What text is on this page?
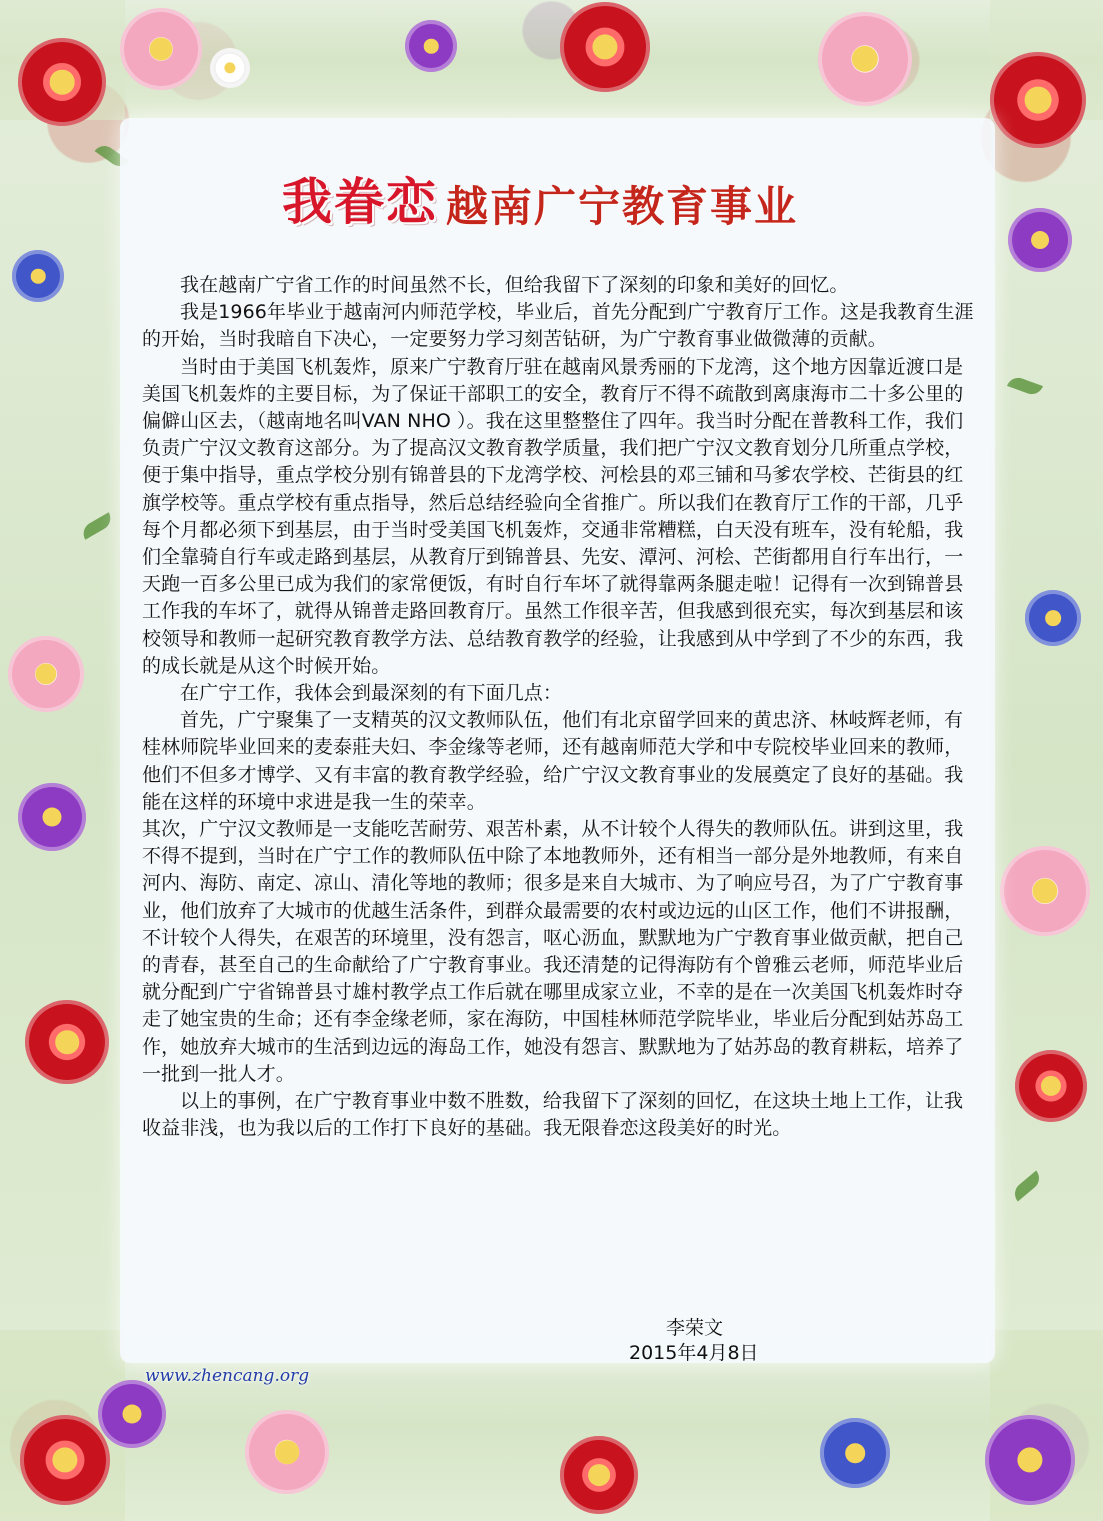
我眷恋 越南广宁教育事业

我在越南广宁省工作的时间虽然不长，但给我留下了深刻的印象和美好的回忆。

我是1966年毕业于越南河内师范学校，毕业后，首先分配到广宁教育厅工作。这是我教育生涯的开始，当时我暗自下决心，一定要努力学习刻苦钻研，为广宁教育事业做微薄的贡献。

当时由于美国飞机轰炸，原来广宁教育厅驻在越南风景秀丽的下龙湾，这个地方因靠近渡口是美国飞机轰炸的主要目标，为了保证干部职工的安全，教育厅不得不疏散到离康海市二十多公里的偏僻山区去，（越南地名叫VAN NHO ）。我在这里整整住了四年。我当时分配在普教科工作，我们负责广宁汉文教育这部分。为了提高汉文教育教学质量，我们把广宁汉文教育划分几所重点学校，便于集中指导，重点学校分别有锦普县的下龙湾学校、河桧县的邓三铺和马爹农学校、芒街县的红旗学校等。重点学校有重点指导，然后总结经验向全省推广。所以我们在教育厅工作的干部，几乎每个月都必须下到基层，由于当时受美国飞机轰炸，交通非常糟糕，白天没有班车，没有轮船，我们全靠骑自行车或走路到基层，从教育厅到锦普县、先安、潭河、河桧、芒街都用自行车出行，一天跑一百多公里已成为我们的家常便饭，有时自行车坏了就得靠两条腿走啦！记得有一次到锦普县工作我的车坏了，就得从锦普走路回教育厅。虽然工作很辛苦，但我感到很充实，每次到基层和该校领导和教师一起研究教育教学方法、总结教育教学的经验，让我感到从中学到了不少的东西，我的成长就是从这个时候开始。

在广宁工作，我体会到最深刻的有下面几点：

首先，广宁聚集了一支精英的汉文教师队伍，他们有北京留学回来的黄忠济、林岐辉老师，有桂林师院毕业回来的麦泰莊夫妇、李金缘等老师，还有越南师范大学和中专院校毕业回来的教师，他们不但多才博学、又有丰富的教育教学经验，给广宁汉文教育事业的发展奠定了良好的基础。我能在这样的环境中求进是我一生的荣幸。

其次，广宁汉文教师是一支能吃苦耐劳、艰苦朴素，从不计较个人得失的教师队伍。讲到这里，我不得不提到，当时在广宁工作的教师队伍中除了本地教师外，还有相当一部分是外地教师，有来自河内、海防、南定、凉山、清化等地的教师；很多是来自大城市、为了响应号召，为了广宁教育事业，他们放弃了大城市的优越生活条件，到群众最需要的农村或边远的山区工作，他们不讲报酬，不计较个人得失，在艰苦的环境里，没有怨言，呕心沥血，默默地为广宁教育事业做贡献，把自己的青春，甚至自己的生命献给了广宁教育事业。我还清楚的记得海防有个曾雅云老师，师范毕业后就分配到广宁省锦普县寸雄村教学点工作后就在哪里成家立业，不幸的是在一次美国飞机轰炸时夺走了她宝贵的生命；还有李金缘老师，家在海防，中国桂林师范学院毕业，毕业后分配到姑苏岛工作，她放弃大城市的生活到边远的海岛工作，她没有怨言、默默地为了姑苏岛的教育耕耘，培养了一批到一批人才。

以上的事例，在广宁教育事业中数不胜数，给我留下了深刻的回忆，在这块土地上工作，让我收益非浅，也为我以后的工作打下良好的基础。我无限眷恋这段美好的时光。

李荣文
2015年4月8日
www.zhencang.org
